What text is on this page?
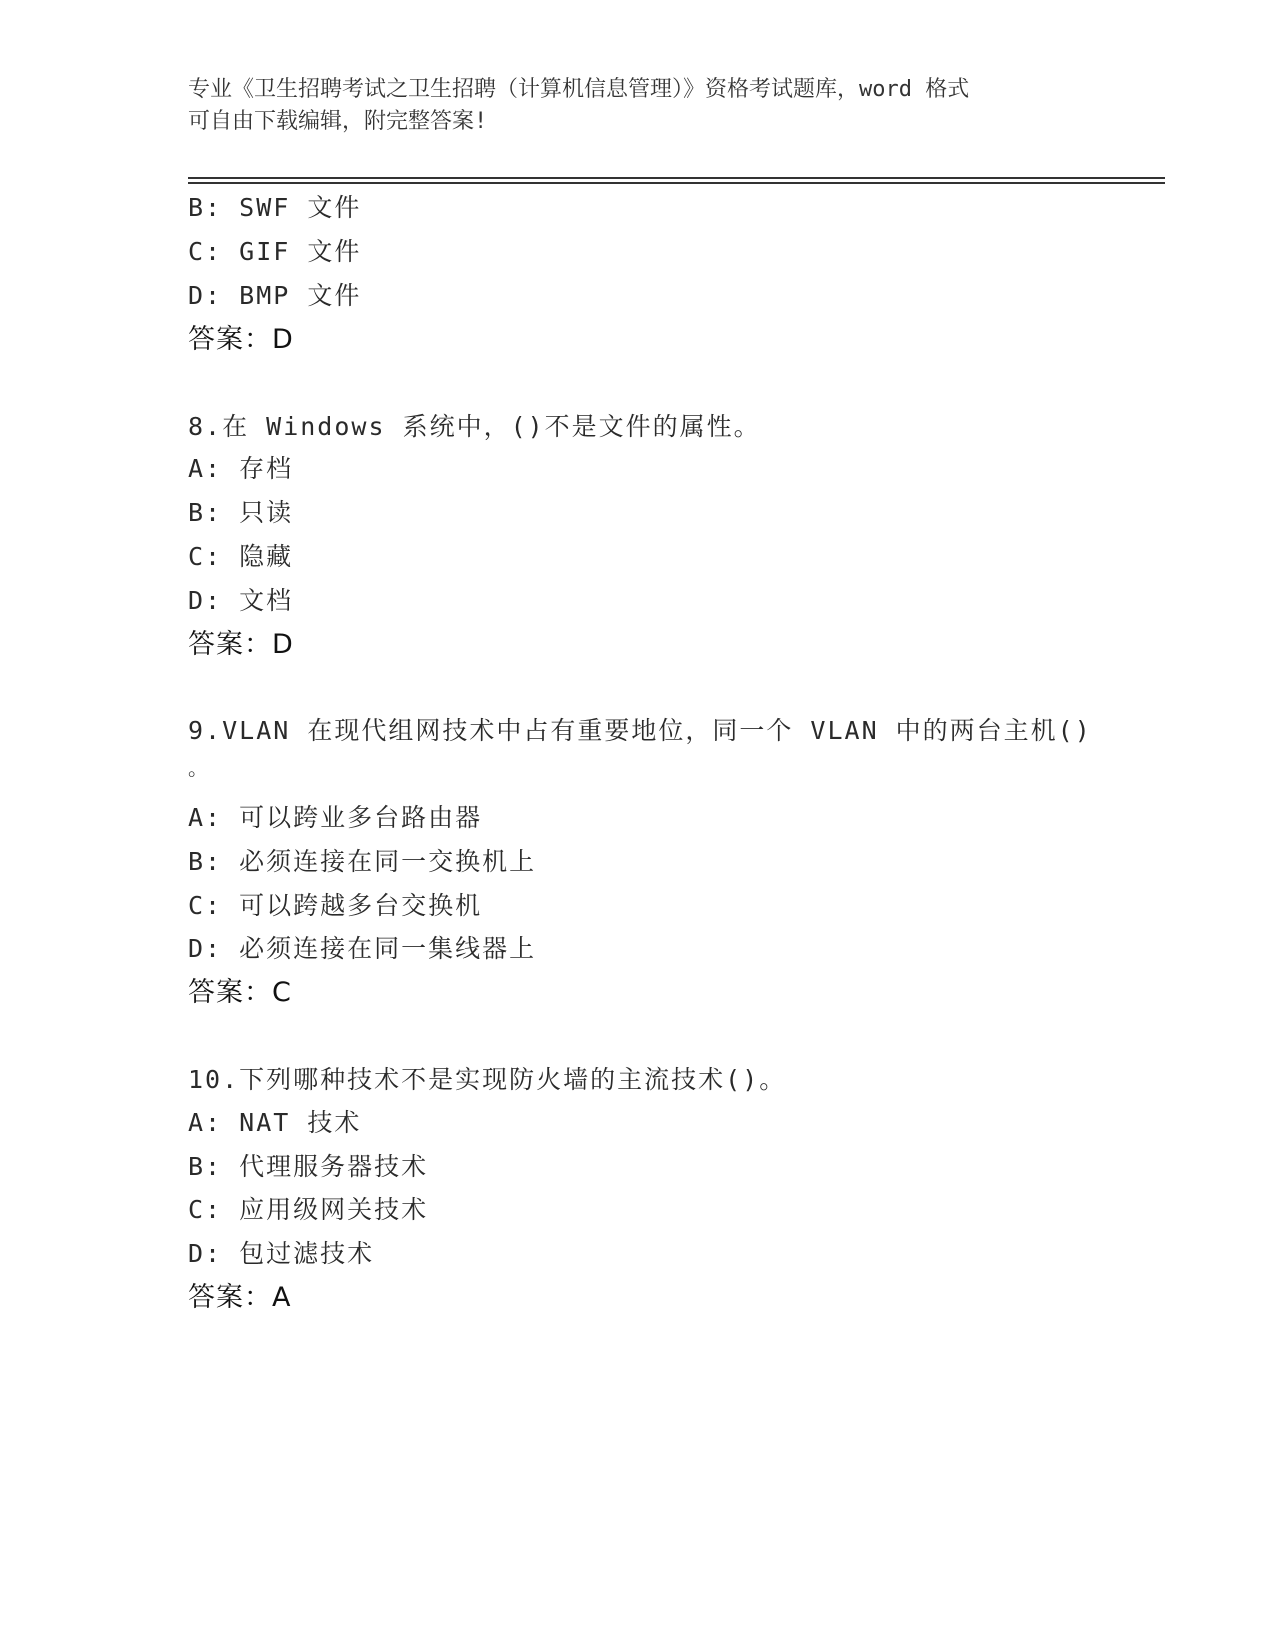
专业《卫生招聘考试之卫生招聘（计算机信息管理）》资格考试题库，word 格式
可自由下载编辑，附完整答案!
B: SWF 文件
C: GIF 文件
D: BMP 文件
答案：D
8.在 Windows 系统中，()不是文件的属性。
A: 存档
B: 只读
C: 隐藏
D: 文档
答案：D
9.VLAN 在现代组网技术中占有重要地位，同一个 VLAN 中的两台主机()
。
A: 可以跨业多台路由器
B: 必须连接在同一交换机上
C: 可以跨越多台交换机
D: 必须连接在同一集线器上
答案：C
10.下列哪种技术不是实现防火墙的主流技术()。
A: NAT 技术
B: 代理服务器技术
C: 应用级网关技术
D: 包过滤技术
答案：A
